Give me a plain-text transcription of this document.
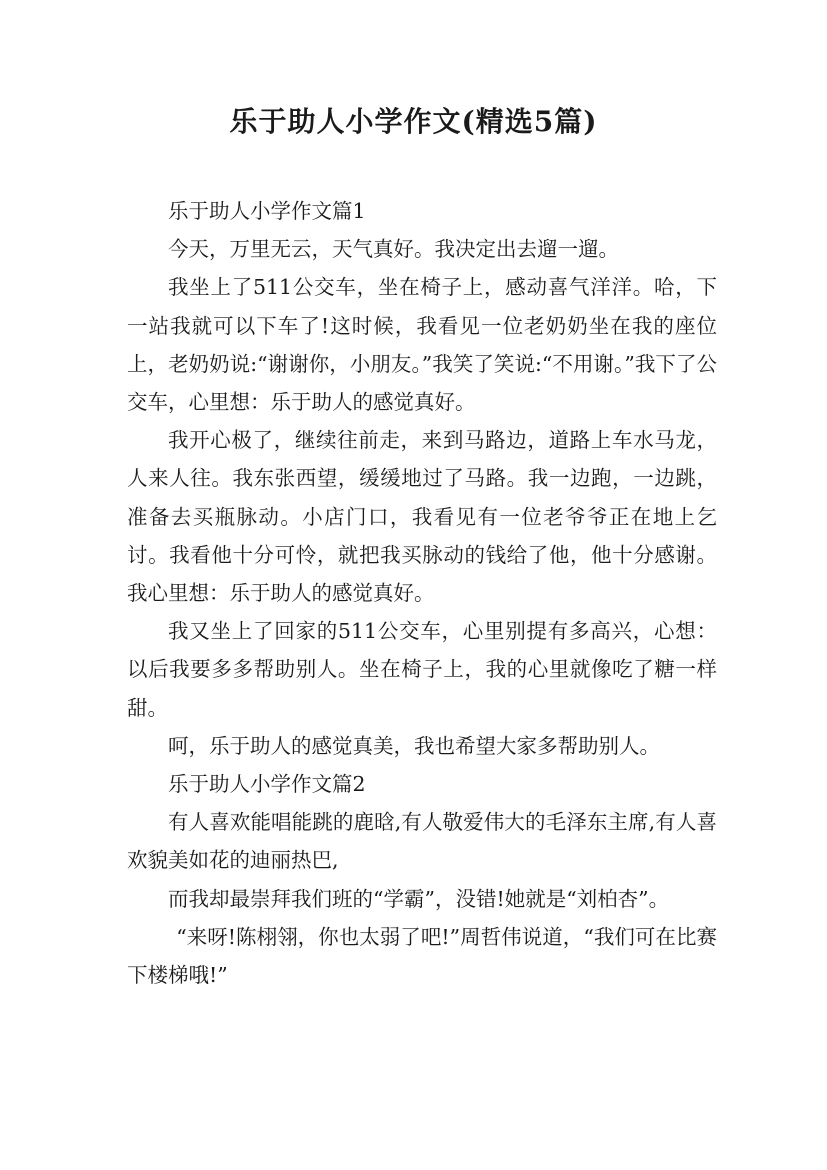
乐于助人小学作文(精选5篇)

乐于助人小学作文篇1

今天，万里无云，天气真好。我决定出去遛一遛。

我坐上了511公交车，坐在椅子上，感动喜气洋洋。哈，下一站我就可以下车了!这时候，我看见一位老奶奶坐在我的座位上，老奶奶说:“谢谢你，小朋友。”我笑了笑说:“不用谢。”我下了公交车，心里想：乐于助人的感觉真好。

我开心极了，继续往前走，来到马路边，道路上车水马龙，人来人往。我东张西望，缓缓地过了马路。我一边跑，一边跳，准备去买瓶脉动。小店门口，我看见有一位老爷爷正在地上乞讨。我看他十分可怜，就把我买脉动的钱给了他，他十分感谢。我心里想：乐于助人的感觉真好。

我又坐上了回家的511公交车，心里别提有多高兴，心想：以后我要多多帮助别人。坐在椅子上，我的心里就像吃了糖一样甜。

呵，乐于助人的感觉真美，我也希望大家多帮助别人。

乐于助人小学作文篇2

有人喜欢能唱能跳的鹿晗,有人敬爱伟大的毛泽东主席,有人喜欢貌美如花的迪丽热巴,

而我却最崇拜我们班的“学霸”，没错!她就是“刘柏杏”。

“来呀!陈栩翎，你也太弱了吧!”周哲伟说道，“我们可在比赛下楼梯哦!”
